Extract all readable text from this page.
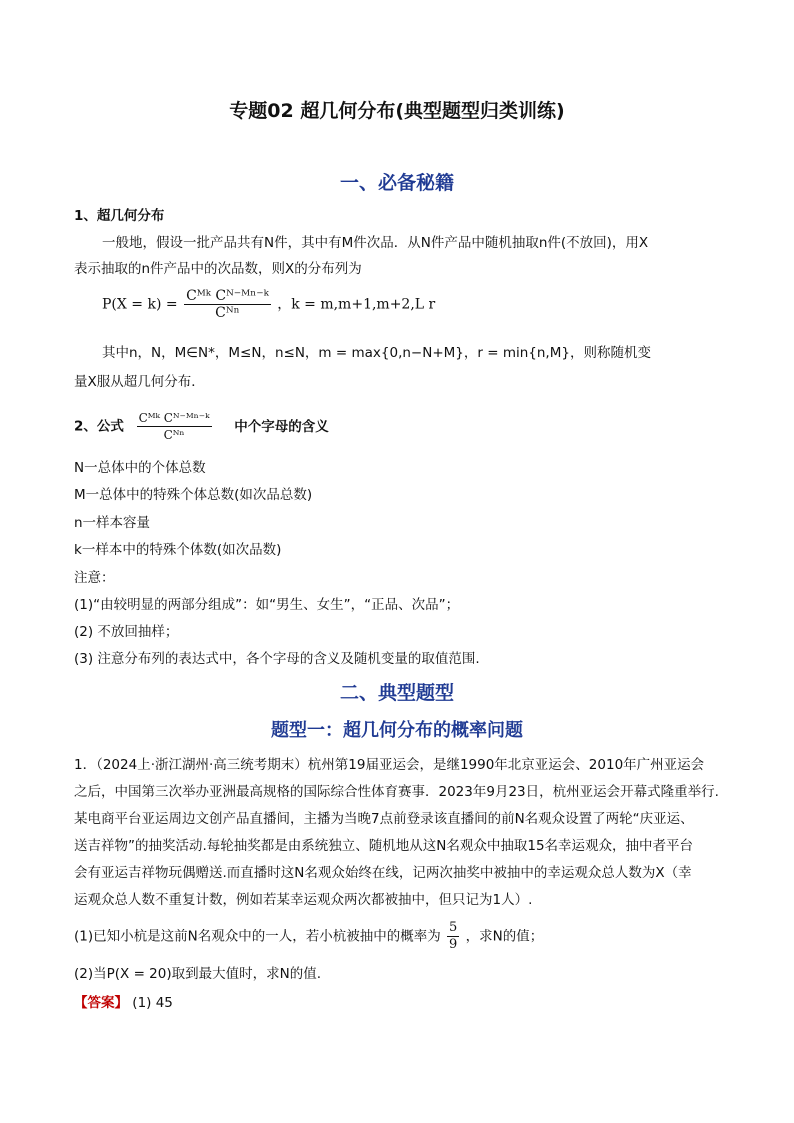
专题02 超几何分布(典型题型归类训练)
一、必备秘籍
1、超几何分布
一般地，假设一批产品共有N件，其中有M件次品．从N件产品中随机抽取n件(不放回)，用X
表示抽取的n件产品中的次品数，则X的分布列为
$P(X = k) = \frac{\text{Cᴹᵏ Cᴺ⁻ᴹⁿ⁻ᵏ}}{\text{Cᴺⁿ}}$ ，k = m,m+1,m+2,L r
其中n，N，M∈N*，M≤N，n≤N，m = max{0,n−N+M}，r = min{n,M}，则称随机变
量X服从超几何分布．
2、公式 $\frac{\text{Cᴹᵏ Cᴺ⁻ᴹⁿ⁻ᵏ}}{\text{Cᴺⁿ}}$ 中个字母的含义
N一总体中的个体总数
M一总体中的特殊个体总数(如次品总数)
n一样本容量
k一样本中的特殊个体数(如次品数)
注意：
(1)“由较明显的两部分组成”：如“男生、女生”，“正品、次品”；
(2) 不放回抽样；
(3) 注意分布列的表达式中，各个字母的含义及随机变量的取值范围.
二、典型题型
题型一：超几何分布的概率问题
1．（2024上·浙江湖州·高三统考期末）杭州第19届亚运会，是继1990年北京亚运会、2010年广州亚运会
之后，中国第三次举办亚洲最高规格的国际综合性体育赛事．2023年9月23日，杭州亚运会开幕式隆重举行.
某电商平台亚运周边文创产品直播间，主播为当晚7点前登录该直播间的前N名观众设置了两轮“庆亚运、
送吉祥物”的抽奖活动.每轮抽奖都是由系统独立、随机地从这N名观众中抽取15名幸运观众，抽中者平台
会有亚运吉祥物玩偶赠送.而直播时这N名观众始终在线，记两次抽奖中被抽中的幸运观众总人数为X（幸
运观众总人数不重复计数，例如若某幸运观众两次都被抽中，但只记为1人）.
(1)已知小杭是这前N名观众中的一人，若小杭被抽中的概率为 $\frac{5}{9}$ ，求N的值；
(2)当P(X = 20)取到最大值时，求N的值.
【答案】 (1) 45
